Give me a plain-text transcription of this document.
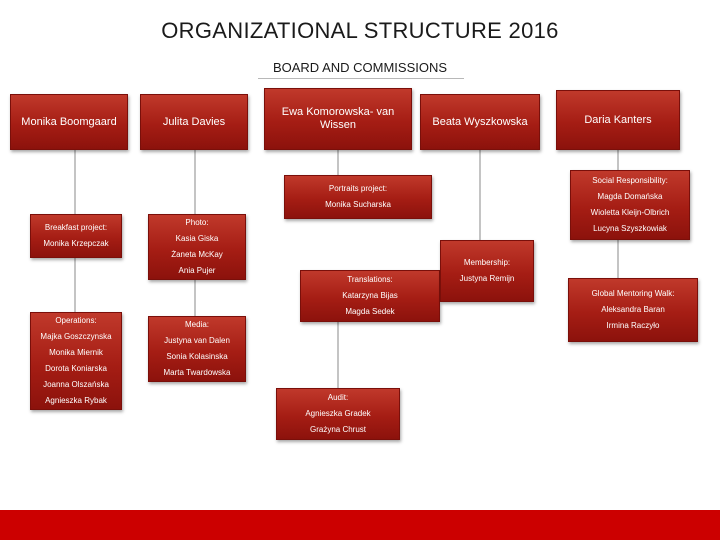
ORGANIZATIONAL STRUCTURE 2016
BOARD AND COMMISSIONS
Monika Boomgaard	Julita Davies
Ewa Komorowska- van Wissen	Beata Wyszkowska	Daria Kanters
Breakfast project:
Monika Krzepczak
Operations:
Majka Goszczynska
Monika Miernik
Dorota Koniarska
Joanna Olszańska
Agnieszka Rybak
Photo:
Kasia Giska
Żaneta McKay
Ania Pujer
Media:
Justyna van Dalen
Sonia Kolasinska
Marta Twardowska
Portraits project:
Monika Sucharska
Translations:
Katarzyna Bijas
Magda Sedek
Audit:
Agnieszka Gradek
Grażyna Chrust
Membership:
Justyna Remijn
Social Responsibility:
Magda Domańska
Wioletta Kleijn-Olbrich
Lucyna Szyszkowiak
Global Mentoring Walk:
Aleksandra Baran
Irmina Raczyło
